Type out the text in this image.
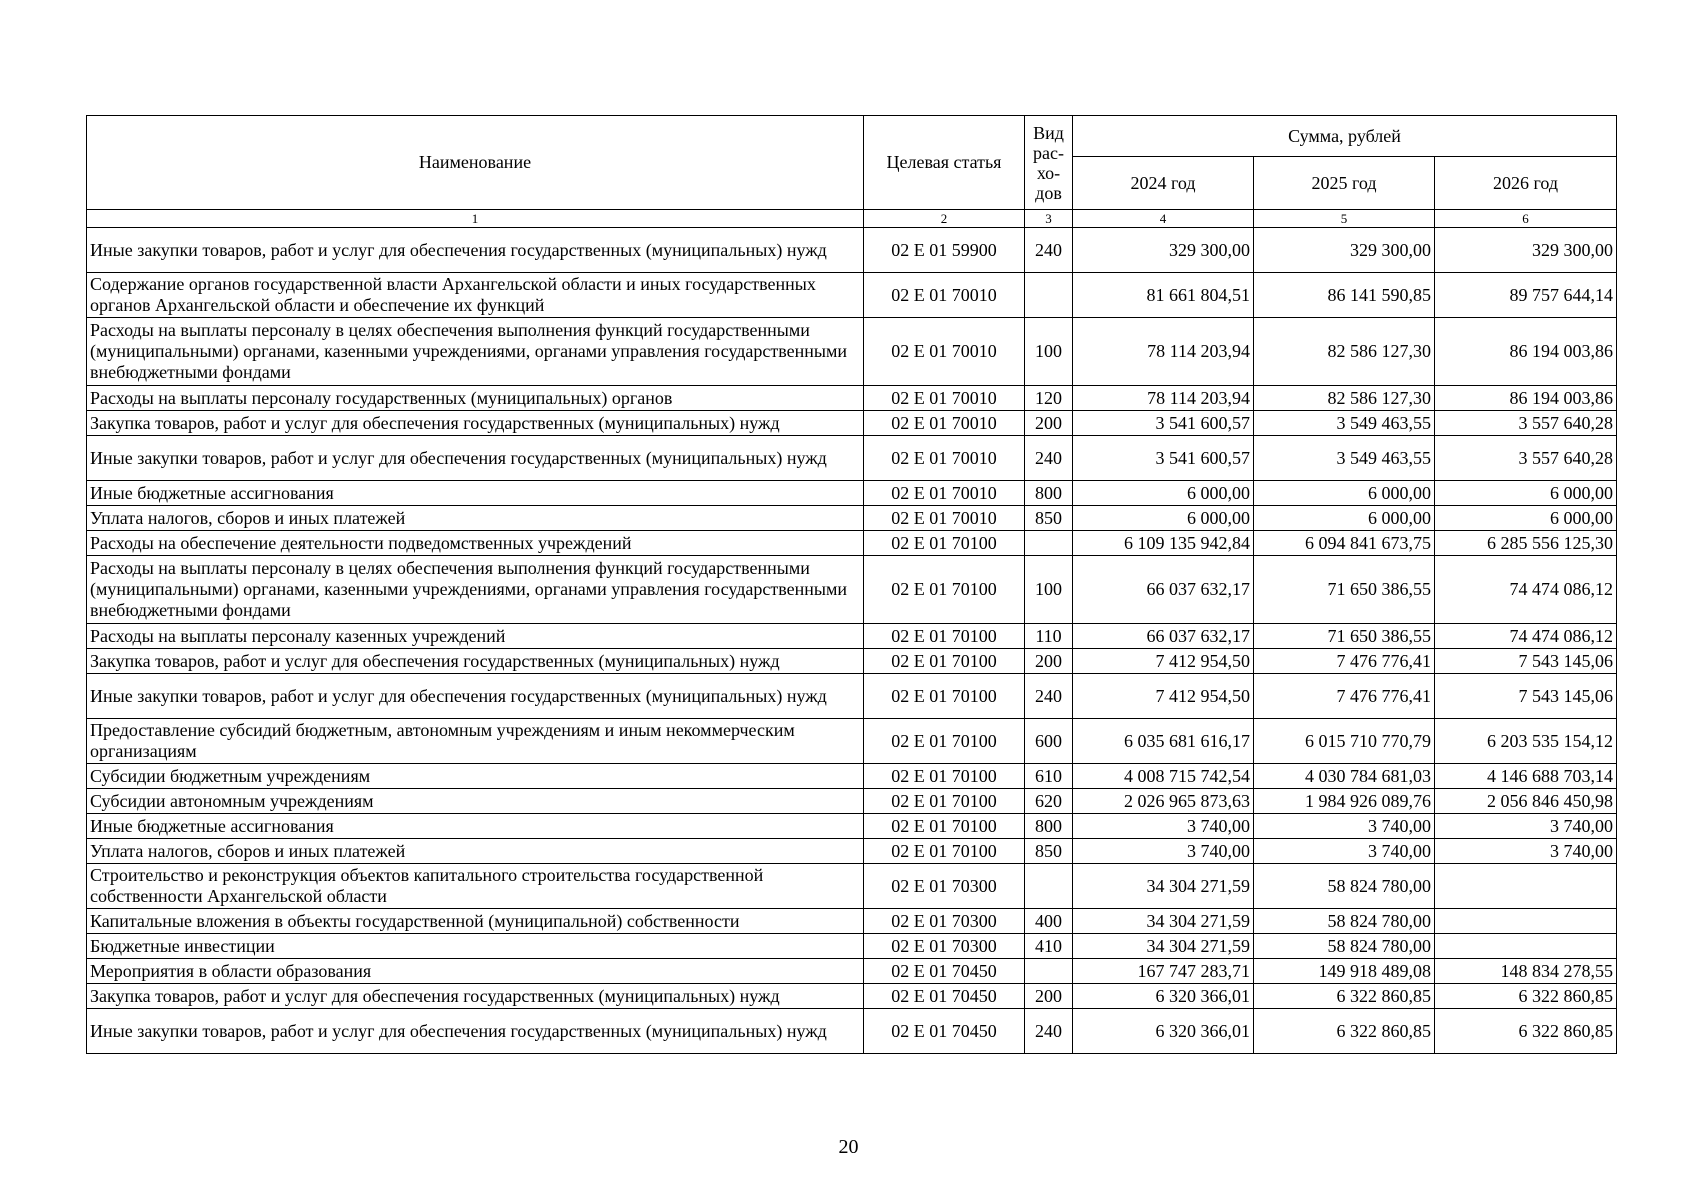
Наименование	Целевая статья	Вид рас-хо-дов	Сумма, рублей		
			2024 год	2025 год	2026 год
1	2	3	4	5	6
Иные закупки товаров, работ и услуг для обеспечения государственных (муниципальных) нужд	02 Е 01 59900	240	329 300,00	329 300,00	329 300,00
Содержание органов государственной власти Архангельской области и иных государственных органов Архангельской области и обеспечение их функций	02 Е 01 70010		81 661 804,51	86 141 590,85	89 757 644,14
Расходы на выплаты персоналу в целях обеспечения выполнения функций государственными (муниципальными) органами, казенными учреждениями, органами управления государственными внебюджетными фондами	02 Е 01 70010	100	78 114 203,94	82 586 127,30	86 194 003,86
Расходы на выплаты персоналу государственных (муниципальных) органов	02 Е 01 70010	120	78 114 203,94	82 586 127,30	86 194 003,86
Закупка товаров, работ и услуг для обеспечения государственных (муниципальных) нужд	02 Е 01 70010	200	3 541 600,57	3 549 463,55	3 557 640,28
Иные закупки товаров, работ и услуг для обеспечения государственных (муниципальных) нужд	02 Е 01 70010	240	3 541 600,57	3 549 463,55	3 557 640,28
Иные бюджетные ассигнования	02 Е 01 70010	800	6 000,00	6 000,00	6 000,00
Уплата налогов, сборов и иных платежей	02 Е 01 70010	850	6 000,00	6 000,00	6 000,00
Расходы на обеспечение деятельности подведомственных учреждений	02 Е 01 70100		6 109 135 942,84	6 094 841 673,75	6 285 556 125,30
Расходы на выплаты персоналу в целях обеспечения выполнения функций государственными (муниципальными) органами, казенными учреждениями, органами управления государственными внебюджетными фондами	02 Е 01 70100	100	66 037 632,17	71 650 386,55	74 474 086,12
Расходы на выплаты персоналу казенных учреждений	02 Е 01 70100	110	66 037 632,17	71 650 386,55	74 474 086,12
Закупка товаров, работ и услуг для обеспечения государственных (муниципальных) нужд	02 Е 01 70100	200	7 412 954,50	7 476 776,41	7 543 145,06
Иные закупки товаров, работ и услуг для обеспечения государственных (муниципальных) нужд	02 Е 01 70100	240	7 412 954,50	7 476 776,41	7 543 145,06
Предоставление субсидий бюджетным, автономным учреждениям и иным некоммерческим организациям	02 Е 01 70100	600	6 035 681 616,17	6 015 710 770,79	6 203 535 154,12
Субсидии бюджетным учреждениям	02 Е 01 70100	610	4 008 715 742,54	4 030 784 681,03	4 146 688 703,14
Субсидии автономным учреждениям	02 Е 01 70100	620	2 026 965 873,63	1 984 926 089,76	2 056 846 450,98
Иные бюджетные ассигнования	02 Е 01 70100	800	3 740,00	3 740,00	3 740,00
Уплата налогов, сборов и иных платежей	02 Е 01 70100	850	3 740,00	3 740,00	3 740,00
Строительство и реконструкция объектов капитального строительства государственной собственности Архангельской области	02 Е 01 70300		34 304 271,59	58 824 780,00	
Капитальные вложения в объекты государственной (муниципальной) собственности	02 Е 01 70300	400	34 304 271,59	58 824 780,00	
Бюджетные инвестиции	02 Е 01 70300	410	34 304 271,59	58 824 780,00	
Мероприятия в области образования	02 Е 01 70450		167 747 283,71	149 918 489,08	148 834 278,55
Закупка товаров, работ и услуг для обеспечения государственных (муниципальных) нужд	02 Е 01 70450	200	6 320 366,01	6 322 860,85	6 322 860,85
Иные закупки товаров, работ и услуг для обеспечения государственных (муниципальных) нужд	02 Е 01 70450	240	6 320 366,01	6 322 860,85	6 322 860,85
20
